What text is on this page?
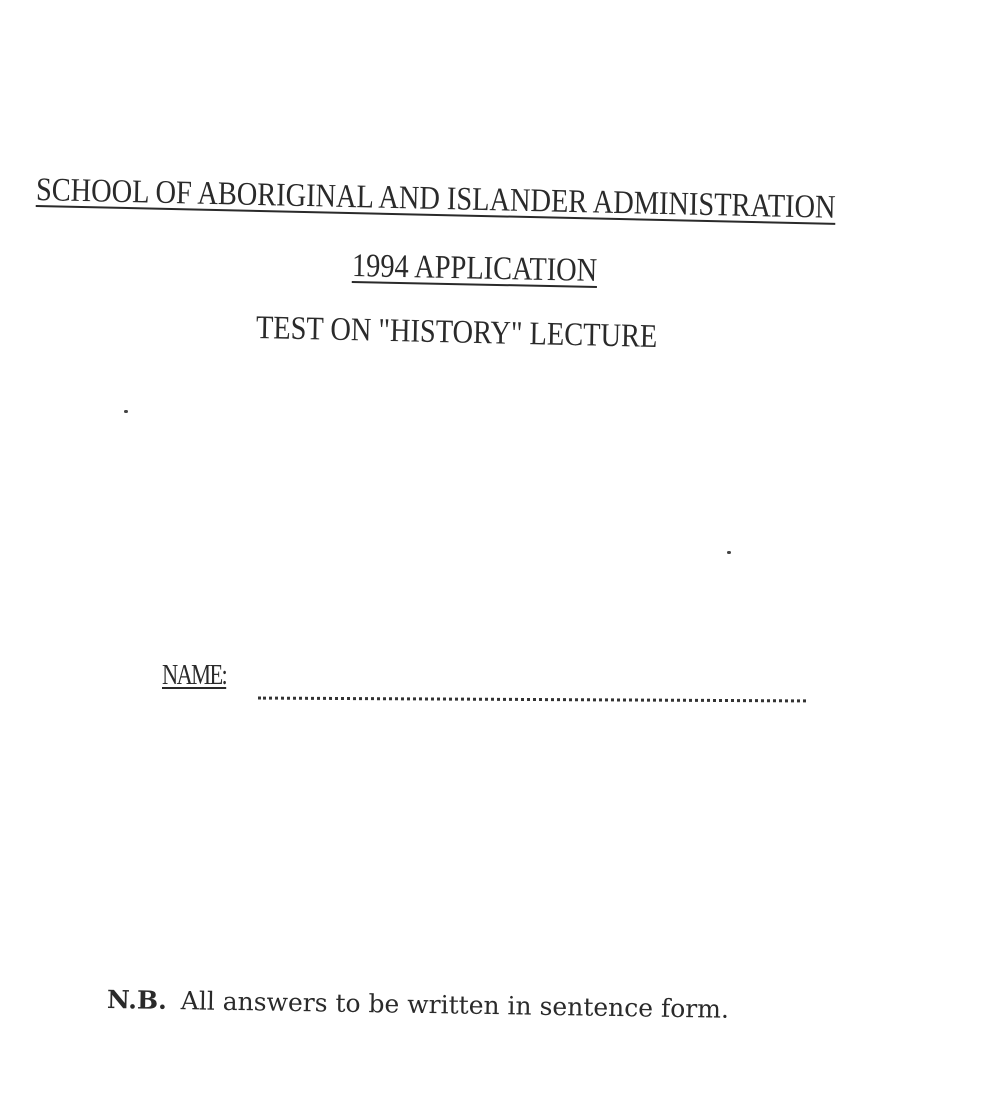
SCHOOL OF ABORIGINAL AND ISLANDER ADMINISTRATION
1994 APPLICATION
TEST ON "HISTORY" LECTURE
NAME:
N.B. All answers to be written in sentence form.
